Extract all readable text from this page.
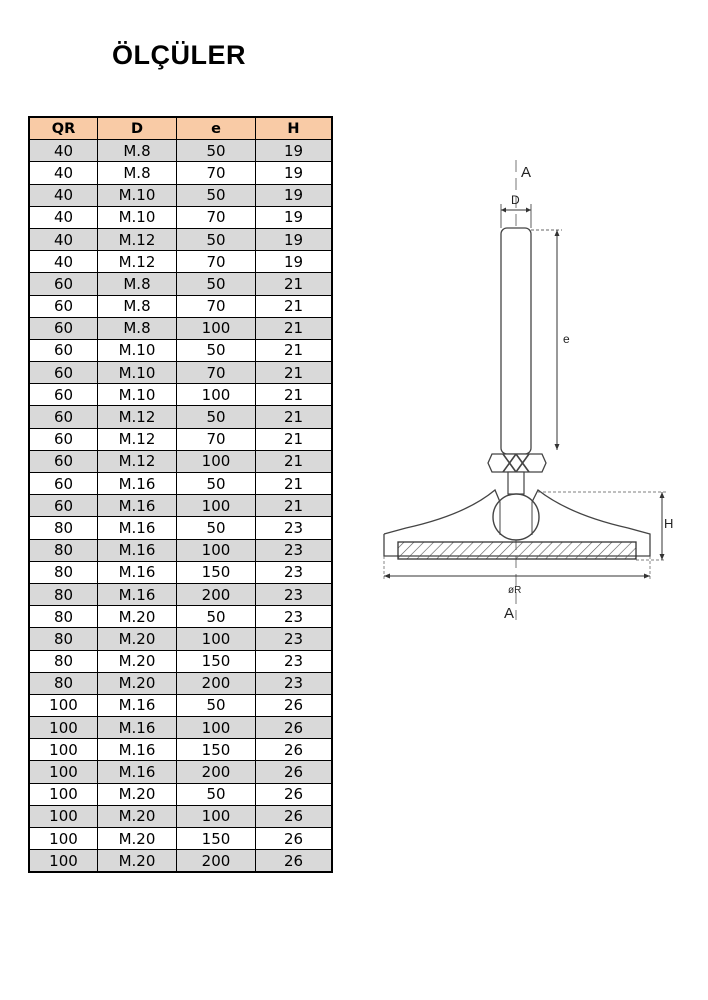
ÖLÇÜLER
QR	D	e	H
40	M.8	50	19
40	M.8	70	19
40	M.10	50	19
40	M.10	70	19
40	M.12	50	19
40	M.12	70	19
60	M.8	50	21
60	M.8	70	21
60	M.8	100	21
60	M.10	50	21
60	M.10	70	21
60	M.10	100	21
60	M.12	50	21
60	M.12	70	21
60	M.12	100	21
60	M.16	50	21
60	M.16	100	21
80	M.16	50	23
80	M.16	100	23
80	M.16	150	23
80	M.16	200	23
80	M.20	50	23
80	M.20	100	23
80	M.20	150	23
80	M.20	200	23
100	M.16	50	26
100	M.16	100	26
100	M.16	150	26
100	M.16	200	26
100	M.20	50	26
100	M.20	100	26
100	M.20	150	26
100	M.20	200	26
A
D
e
H
øR
A
